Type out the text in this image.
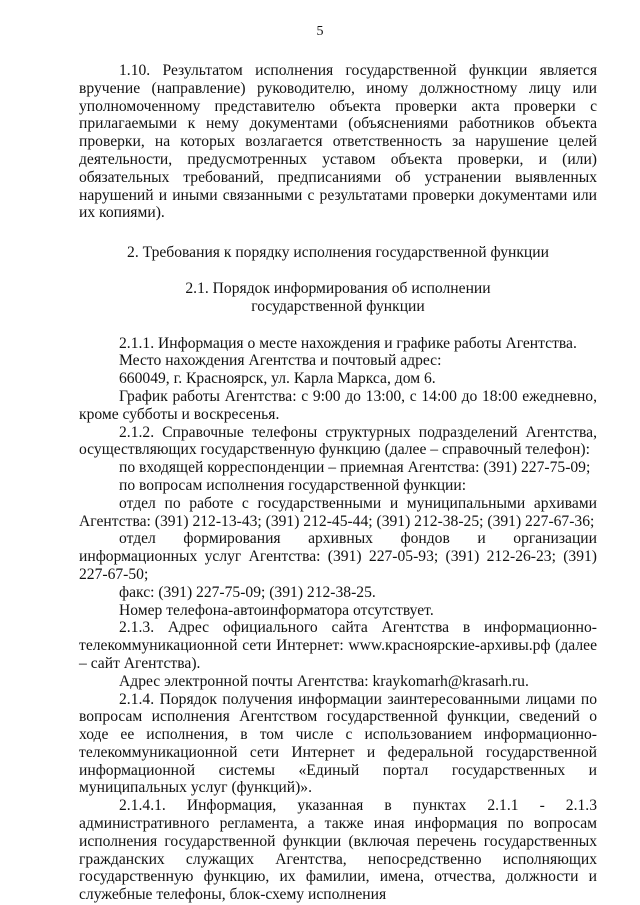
5

1.10. Результатом исполнения государственной функции является вручение (направление) руководителю, иному должностному лицу или уполномоченному представителю объекта проверки акта проверки с прилагаемыми к нему документами (объяснениями работников объекта проверки, на которых возлагается ответственность за нарушение целей деятельности, предусмотренных уставом объекта проверки, и (или) обязательных требований, предписаниями об устранении выявленных нарушений и иными связанными с результатами проверки документами или их копиями).

2. Требования к порядку исполнения государственной функции

2.1. Порядок информирования об исполнении
государственной функции

2.1.1. Информация о месте нахождения и графике работы Агентства.

Место нахождения Агентства и почтовый адрес:

660049, г. Красноярск, ул. Карла Маркса, дом 6.

График работы Агентства: с 9:00 до 13:00, с 14:00 до 18:00 ежедневно, кроме субботы и воскресенья.

2.1.2. Справочные телефоны структурных подразделений Агентства, осуществляющих государственную функцию (далее – справочный телефон):

по входящей корреспонденции – приемная Агентства: (391) 227-75-09;

по вопросам исполнения государственной функции:

отдел по работе с государственными и муниципальными архивами Агентства: (391) 212-13-43; (391) 212-45-44; (391) 212-38-25; (391) 227-67-36;

отдел формирования архивных фондов и организации информационных услуг Агентства: (391) 227-05-93; (391) 212-26-23; (391) 227-67-50;

факс: (391) 227-75-09; (391) 212-38-25.

Номер телефона-автоинформатора отсутствует.

2.1.3. Адрес официального сайта Агентства в информационно-телекоммуникационной сети Интернет: www.красноярские-архивы.рф (далее – сайт Агентства).

Адрес электронной почты Агентства: kraykomarh@krasarh.ru.

2.1.4. Порядок получения информации заинтересованными лицами по вопросам исполнения Агентством государственной функции, сведений о ходе ее исполнения, в том числе с использованием информационно-телекоммуникационной сети Интернет и федеральной государственной информационной системы «Единый портал государственных и муниципальных услуг (функций)».

2.1.4.1. Информация, указанная в пунктах 2.1.1 - 2.1.3 административного регламента, а также иная информация по вопросам исполнения государственной функции (включая перечень государственных гражданских служащих Агентства, непосредственно исполняющих государственную функцию, их фамилии, имена, отчества, должности и служебные телефоны, блок-схему исполнения
